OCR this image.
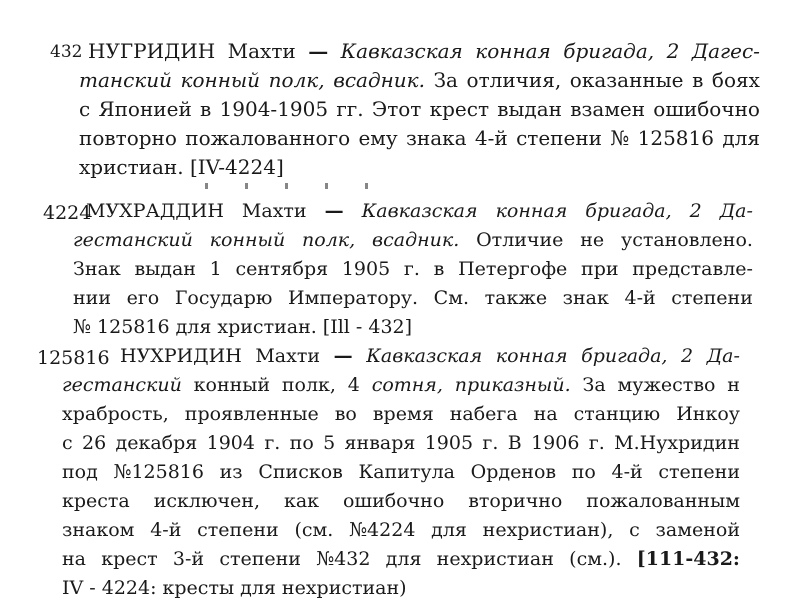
432 НУГРИДИН Махти — Кавказская конная бригада, 2 Дагес-
танский конный полк, всадник. За отличия, оказанные в боях
с Японией в 1904-1905 гг. Этот крест выдан взамен ошибочно
повторно пожалованного ему знака 4-й степени № 125816 для
христиан. [IV-4224]
4224
МУХРАДДИН Махти — Кавказская конная бригада, 2 Да-
гестанский конный полк, всадник. Отличие не установлено.
Знак выдан 1 сентября 1905 г. в Петергофе при представле-
нии его Государю Императору. См. также знак 4-й степени
№ 125816 для христиан. [Ill - 432]
125816 НУХРИДИН Махти — Кавказская конная бригада, 2 Да-
гестанский конный полк, 4 сотня, приказный. За мужество н
храбрость, проявленные во время набега на станцию Инкоу
с 26 декабря 1904 г. по 5 января 1905 г. В 1906 г. М.Нухридин
под №125816 из Списков Капитула Орденов по 4-й степени
креста исключен, как ошибочно вторично пожалованным
знаком 4-й степени (см. №4224 для нехристиан), с заменой
на крест 3-й степени №432 для нехристиан (см.). [111-432:
IV - 4224: кресты для нехристиан)
